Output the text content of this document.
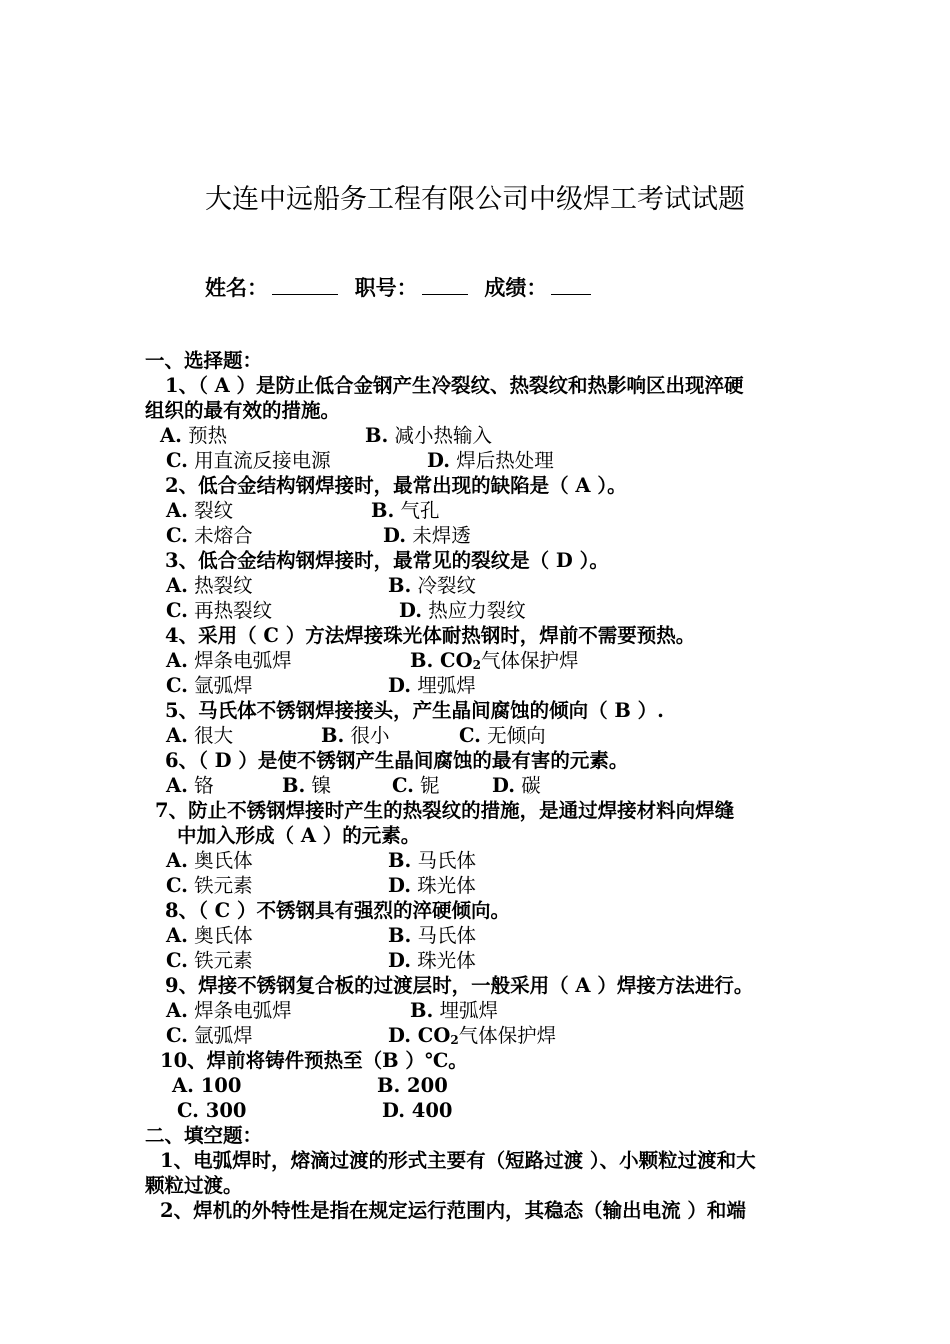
大连中远船务工程有限公司中级焊工考试试题
姓名：	职号：	成绩：
一、选择题：
1、（ A ）是防止低合金钢产生冷裂纹、热裂纹和热影响区出现淬硬
组织的最有效的措施。
A. 预热	B. 减小热输入
C. 用直流反接电源	D. 焊后热处理
2、低合金结构钢焊接时，最常出现的缺陷是（ A ）。
A. 裂纹	B. 气孔
C. 未熔合	D. 未焊透
3、低合金结构钢焊接时，最常见的裂纹是（ D ）。
A. 热裂纹	B. 冷裂纹
C. 再热裂纹	D. 热应力裂纹
4、采用（ C ）方法焊接珠光体耐热钢时，焊前不需要预热。
A. 焊条电弧焊	B. $CO_2$气体保护焊
C. 氩弧焊	D. 埋弧焊
5、马氏体不锈钢焊接接头，产生晶间腐蚀的倾向（ B ）.
A. 很大	B. 很小	C. 无倾向
6、（ D ）是使不锈钢产生晶间腐蚀的最有害的元素。
A. 铬	B. 镍	C. 铌	D. 碳
7、防止不锈钢焊接时产生的热裂纹的措施，是通过焊接材料向焊缝
中加入形成（ A ）的元素。
A. 奥氏体	B. 马氏体
C. 铁元素	D. 珠光体
8、（ C ）不锈钢具有强烈的淬硬倾向。
A. 奥氏体	B. 马氏体
C. 铁元素	D. 珠光体
9、焊接不锈钢复合板的过渡层时，一般采用（ A ）焊接方法进行。
A. 焊条电弧焊	B. 埋弧焊
C. 氩弧焊	D. $CO_2$气体保护焊
10、焊前将铸件预热至（B ）℃。
A. 100	B. 200
C. 300	D. 400
二、填空题：
1、电弧焊时，熔滴过渡的形式主要有（短路过渡 ）、小颗粒过渡和大
颗粒过渡。
2、焊机的外特性是指在规定运行范围内，其稳态（输出电流 ）和端
